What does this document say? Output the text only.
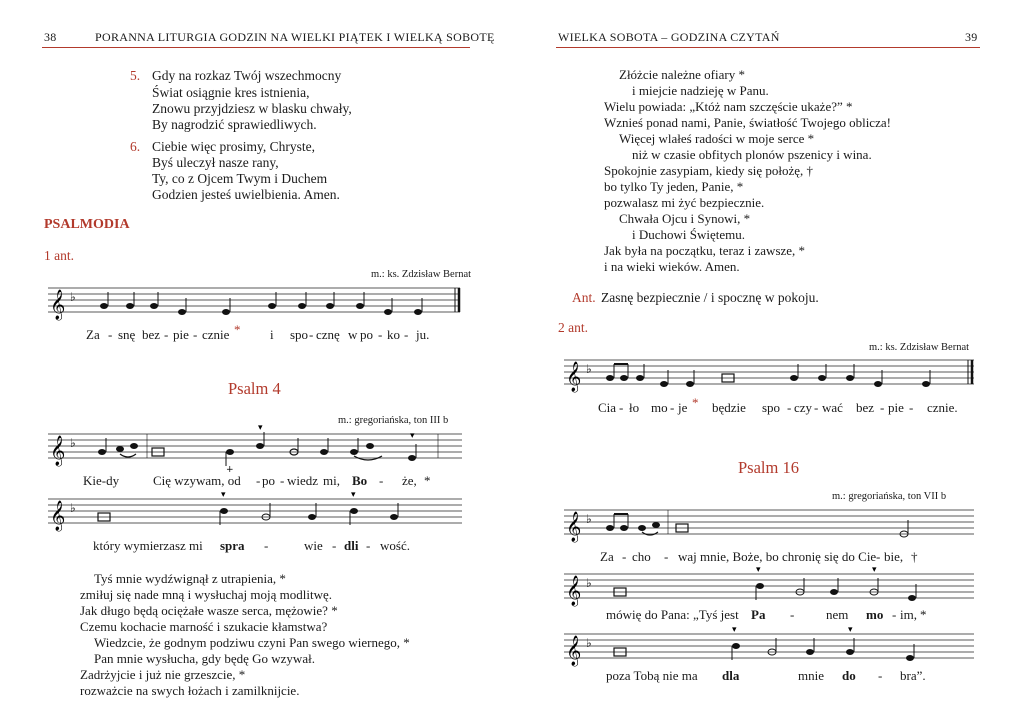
38	PORANNA LITURGIA GODZIN NA WIELKI PIĄTEK I WIELKĄ SOBOTĘ
5. Gdy na rozkaz Twój wszechmocny
Świat osiągnie kres istnienia,
Znowu przyjdziesz w blasku chwały,
By nagrodzić sprawiedliwych.
6. Ciebie więc prosimy, Chryste,
Byś uleczył nasze rany,
Ty, co z Ojcem Twym i Duchem
Godzien jesteś uwielbienia. Amen.
PSALMODIA
1 ant.
m.: ks. Zdzisław Bernat
𝄞 ♭
Za - snę bez - pie - cznie * i spo - cznę w po - ko - ju.
Psalm 4
m.: gregoriańska, ton III b
𝄞 ♭
+
▾
▾
Kie-dy	Cię wzywam, od - po - wiedz mi, Bo - że, *
𝄞 ♭
▾	▾
który wymierzasz mi spra -	wie - dli - wość.
Tyś mnie wydźwignął z utrapienia, *
zmiłuj się nade mną i wysłuchaj moją modlitwę.
Jak długo będą ociężałe wasze serca, mężowie? *
Czemu kochacie marność i szukacie kłamstwa?
Wiedzcie, że godnym podziwu czyni Pan swego wiernego, *
Pan mnie wysłucha, gdy będę Go wzywał.
Zadrżyjcie i już nie grzeszcie, *
rozważcie na swych łożach i zamilknijcie.
WIELKA SOBOTA – GODZINA CZYTAŃ	39
Złóżcie należne ofiary *
i miejcie nadzieję w Panu.
Wielu powiada: „Któż nam szczęście ukaże?” *
Wznieś ponad nami, Panie, światłość Twojego oblicza!
Więcej wlałeś radości w moje serce *
niż w czasie obfitych plonów pszenicy i wina.
Spokojnie zasypiam, kiedy się położę, †
bo tylko Ty jeden, Panie, *
pozwalasz mi żyć bezpiecznie.
Chwała Ojcu i Synowi, *
i Duchowi Świętemu.
Jak była na początku, teraz i zawsze, *
i na wieki wieków. Amen.
Ant. Zasnę bezpiecznie / i spocznę w pokoju.
2 ant.
m.: ks. Zdzisław Bernat
𝄞 ♭
Cia - ło mo - je * będzie spo - czy - wać bez - pie - cznie.
Psalm 16
m.: gregoriańska, ton VII b
𝄞 ♭
Za - cho - waj mnie, Boże, bo chronię się do Cie - bie, †
𝄞 ♭
▾	▾
mówię do Pana: „Tyś jest Pa - nem mo - im, *
𝄞 ♭
▾	▾
poza Tobą nie ma dla	mnie do - bra”.
